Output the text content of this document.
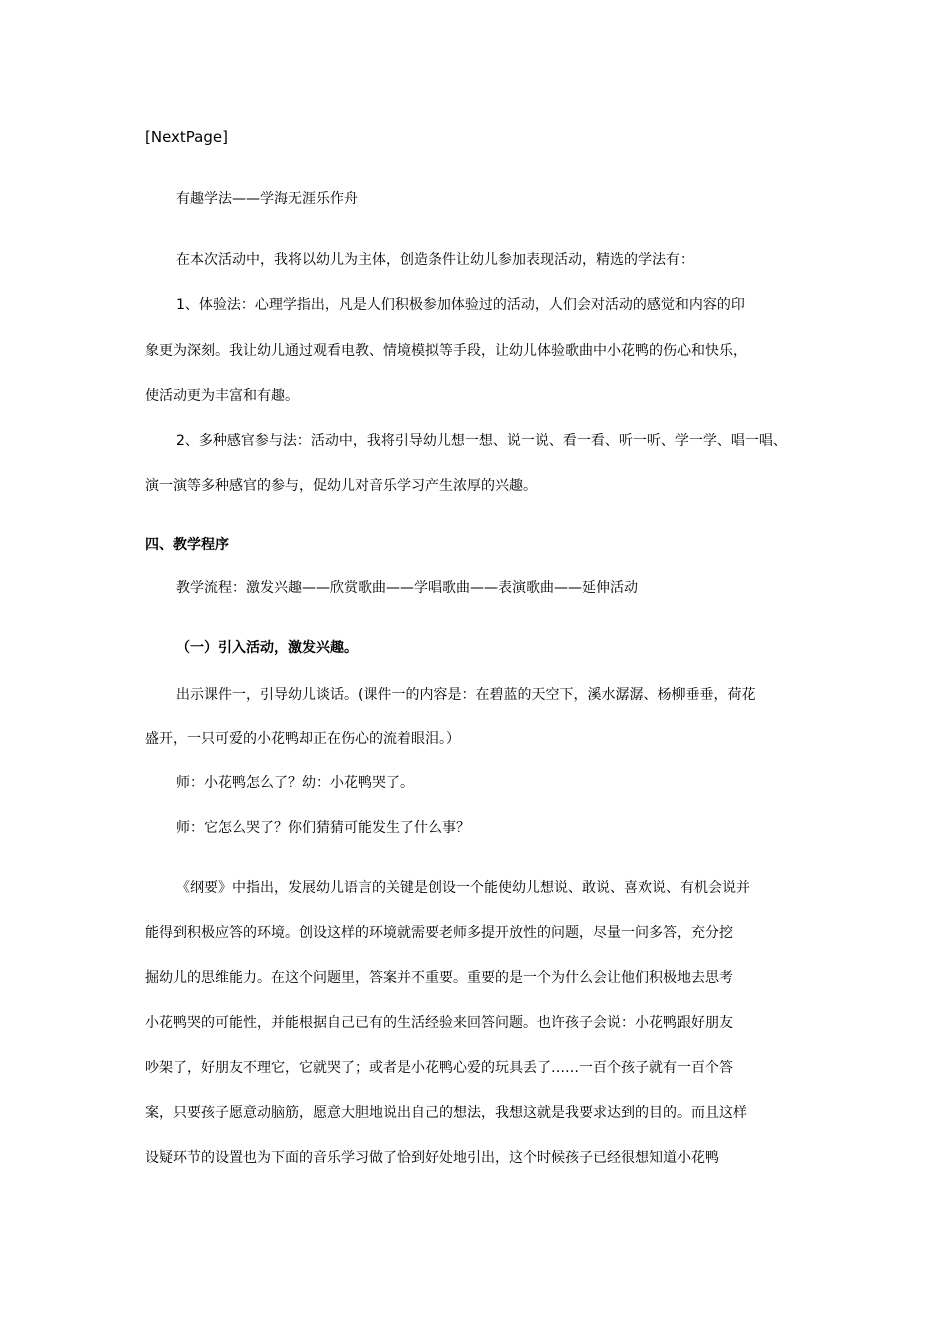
[NextPage]
有趣学法——学海无涯乐作舟
在本次活动中，我将以幼儿为主体，创造条件让幼儿参加表现活动，精选的学法有：
1、体验法：心理学指出，凡是人们积极参加体验过的活动，人们会对活动的感觉和内容的印
象更为深刻。我让幼儿通过观看电教、情境模拟等手段，让幼儿体验歌曲中小花鸭的伤心和快乐，
使活动更为丰富和有趣。
2、多种感官参与法：活动中，我将引导幼儿想一想、说一说、看一看、听一听、学一学、唱一唱、
演一演等多种感官的参与，促幼儿对音乐学习产生浓厚的兴趣。
四、教学程序
教学流程：激发兴趣——欣赏歌曲——学唱歌曲——表演歌曲——延伸活动
（一）引入活动，激发兴趣。
出示课件一，引导幼儿谈话。(课件一的内容是：在碧蓝的天空下，溪水潺潺、杨柳垂垂，荷花
盛开，一只可爱的小花鸭却正在伤心的流着眼泪。）
师：小花鸭怎么了？幼：小花鸭哭了。
师：它怎么哭了？你们猜猜可能发生了什么事？
《纲要》中指出，发展幼儿语言的关键是创设一个能使幼儿想说、敢说、喜欢说、有机会说并
能得到积极应答的环境。创设这样的环境就需要老师多提开放性的问题，尽量一问多答，充分挖
掘幼儿的思维能力。在这个问题里，答案并不重要。重要的是一个为什么会让他们积极地去思考
小花鸭哭的可能性，并能根据自己已有的生活经验来回答问题。也许孩子会说：小花鸭跟好朋友
吵架了，好朋友不理它，它就哭了；或者是小花鸭心爱的玩具丢了……一百个孩子就有一百个答
案，只要孩子愿意动脑筋，愿意大胆地说出自己的想法，我想这就是我要求达到的目的。而且这样
设疑环节的设置也为下面的音乐学习做了恰到好处地引出，这个时候孩子已经很想知道小花鸭
